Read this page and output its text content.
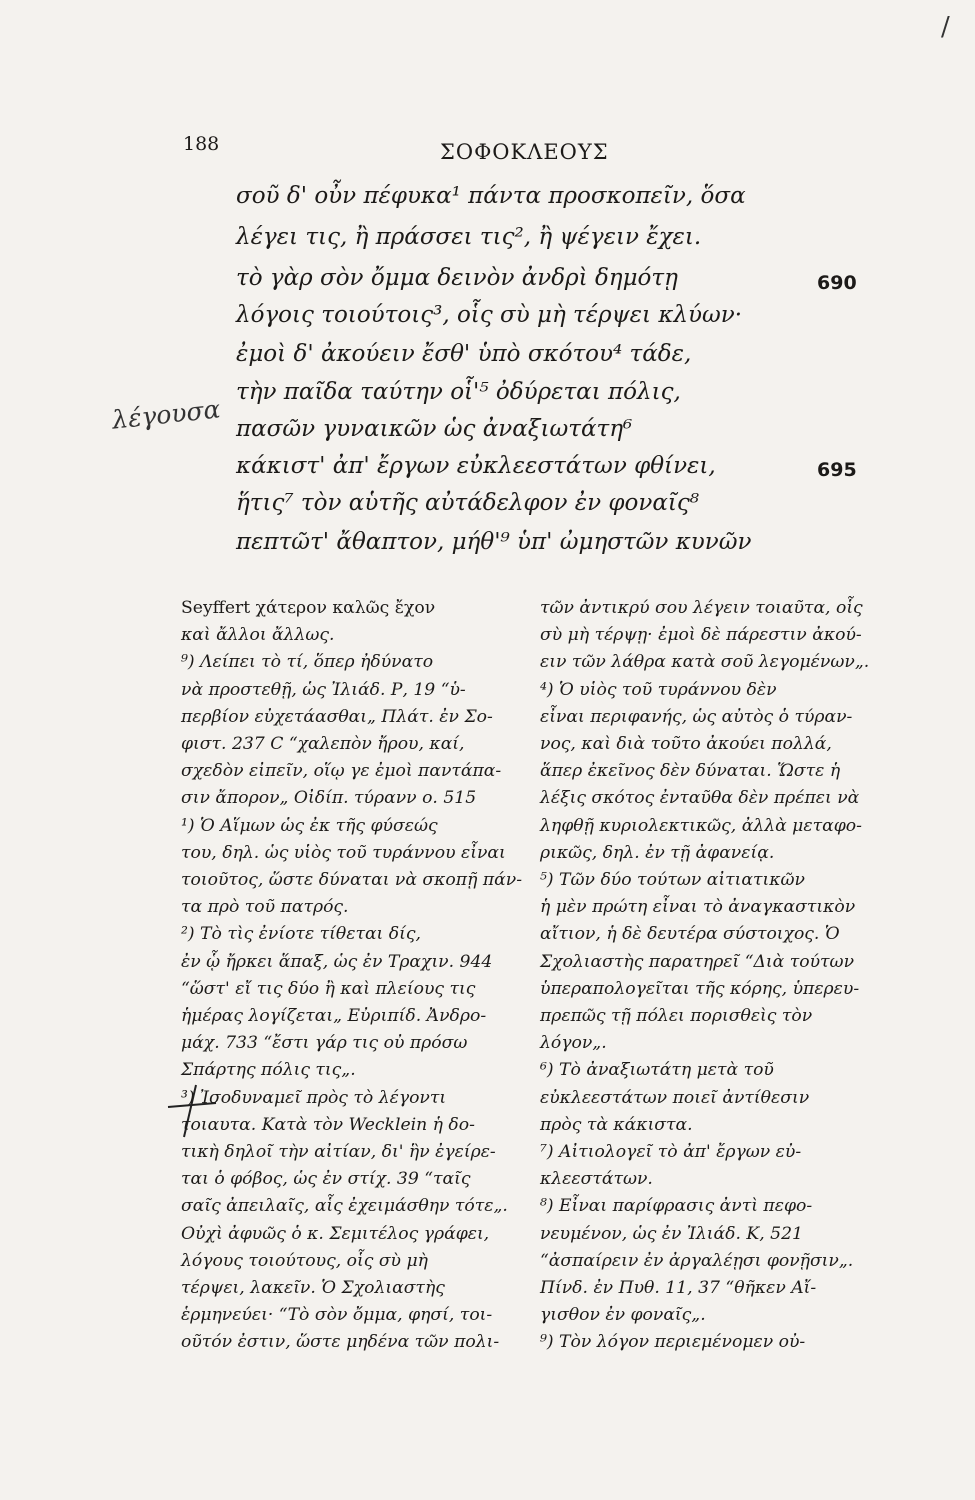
/
188	ΣΟΦΟΚΛΕΟΥΣ
σοῦ δ' οὖν πέφυκα¹ πάντα προσκοπεῖν, ὅσα
λέγει τις, ἢ πράσσει τις², ἢ ψέγειν ἔχει.
τὸ γὰρ σὸν ὄμμα δεινὸν ἀνδρὶ δημότῃ
λόγοις τοιούτοις³, οἷς σὺ μὴ τέρψει κλύων·
ἐμοὶ δ' ἀκούειν ἔσθ' ὑπὸ σκότου⁴ τάδε,
τὴν παῖδα ταύτην οἷ'⁵ ὀδύρεται πόλις,
πασῶν γυναικῶν ὡς ἀναξιωτάτη⁶
κάκιστ' ἀπ' ἔργων εὐκλεεστάτων φθίνει,
ἥτις⁷ τὸν αὑτῆς αὐτάδελφον ἐν φοναῖς⁸
πεπτῶτ' ἄθαπτον, μήθ'⁹ ὑπ' ὠμηστῶν κυνῶν
690
695
λέγουσα
Seyffert χάτερον καλῶς ἔχον
καὶ ἄλλοι ἄλλως.
⁹) Λείπει τὸ τί, ὅπερ ἠδύνατο
νὰ προστεθῇ, ὡς Ἰλιάδ. Ρ, 19 “ὑ-
περβίον εὐχετάασθαι„ Πλάτ. ἐν Σο-
φιστ. 237 C “χαλεπὸν ἤρου, καί,
σχεδὸν εἰπεῖν, οἵῳ γε ἐμοὶ παντάπα-
σιν ἄπορον„ Οἰδίπ. τύρανν ο. 515
¹) Ὁ Αἵμων ὡς ἐκ τῆς φύσεώς
του, δηλ. ὡς υἱὸς τοῦ τυράννου εἶναι
τοιοῦτος, ὥστε δύναται νὰ σκοπῇ πάν-
τα πρὸ τοῦ πατρός.
²) Τὸ τὶς ἐνίοτε τίθεται δίς,
ἐν ᾧ ἤρκει ἅπαξ, ὡς ἐν Τραχιν. 944
“ὥστ' εἴ τις δύο ἢ καὶ πλείους τις
ἡμέρας λογίζεται„ Εὐριπίδ. Ἀνδρο-
μάχ. 733 “ἔστι γάρ τις οὐ πρόσω
Σπάρτης πόλις τις„.
³) Ἰσοδυναμεῖ πρὸς τὸ λέγοντι
τοιαυτα. Κατὰ τὸν Wecklein ἡ δο-
τικὴ δηλοῖ τὴν αἰτίαν, δι' ἣν ἐγείρε-
ται ὁ φόβος, ὡς ἐν στίχ. 39 “ταῖς
σαῖς ἀπειλαῖς, αἷς ἐχειμάσθην τότε„.
Οὐχὶ ἀφυῶς ὁ κ. Σεμιτέλος γράφει,
λόγους τοιούτους, οἷς σὺ μὴ
τέρψει, λακεῖν. Ὁ Σχολιαστὴς
ἑρμηνεύει· “Τὸ σὸν ὄμμα, φησί, τοι-
οῦτόν ἐστιν, ὥστε μηδένα τῶν πολι-
τῶν ἀντικρύ σου λέγειν τοιαῦτα, οἷς
σὺ μὴ τέρψῃ· ἐμοὶ δὲ πάρεστιν ἀκού-
ειν τῶν λάθρα κατὰ σοῦ λεγομένων„.
⁴) Ὁ υἱὸς τοῦ τυράννου δὲν
εἶναι περιφανής, ὡς αὐτὸς ὁ τύραν-
νος, καὶ διὰ τοῦτο ἀκούει πολλά,
ἅπερ ἐκεῖνος δὲν δύναται. Ὥστε ἡ
λέξις σκότος ἐνταῦθα δὲν πρέπει νὰ
ληφθῇ κυριολεκτικῶς, ἀλλὰ μεταφο-
ρικῶς, δηλ. ἐν τῇ ἀφανείᾳ.
⁵) Τῶν δύο τούτων αἰτιατικῶν
ἡ μὲν πρώτη εἶναι τὸ ἀναγκαστικὸν
αἴτιον, ἡ δὲ δευτέρα σύστοιχος. Ὁ
Σχολιαστὴς παρατηρεῖ “Διὰ τούτων
ὑπεραπολογεῖται τῆς κόρης, ὑπερευ-
πρεπῶς τῇ πόλει πορισθεὶς τὸν
λόγον„.
⁶) Τὸ ἀναξιωτάτη μετὰ τοῦ
εὐκλεεστάτων ποιεῖ ἀντίθεσιν
πρὸς τὰ κάκιστα.
⁷) Αἰτιολογεῖ τὸ ἀπ' ἔργων εὐ-
κλεεστάτων.
⁸) Εἶναι παρίφρασις ἀντὶ πεφο-
νευμένον, ὡς ἐν Ἰλιάδ. Κ, 521
“ἀσπαίρειν ἐν ἀργαλέῃσι φονῇσιν„.
Πίνδ. ἐν Πυθ. 11, 37 “θῆκεν Αἴ-
γισθον ἐν φοναῖς„.
⁹) Τὸν λόγον περιεμένομεν οὐ-
